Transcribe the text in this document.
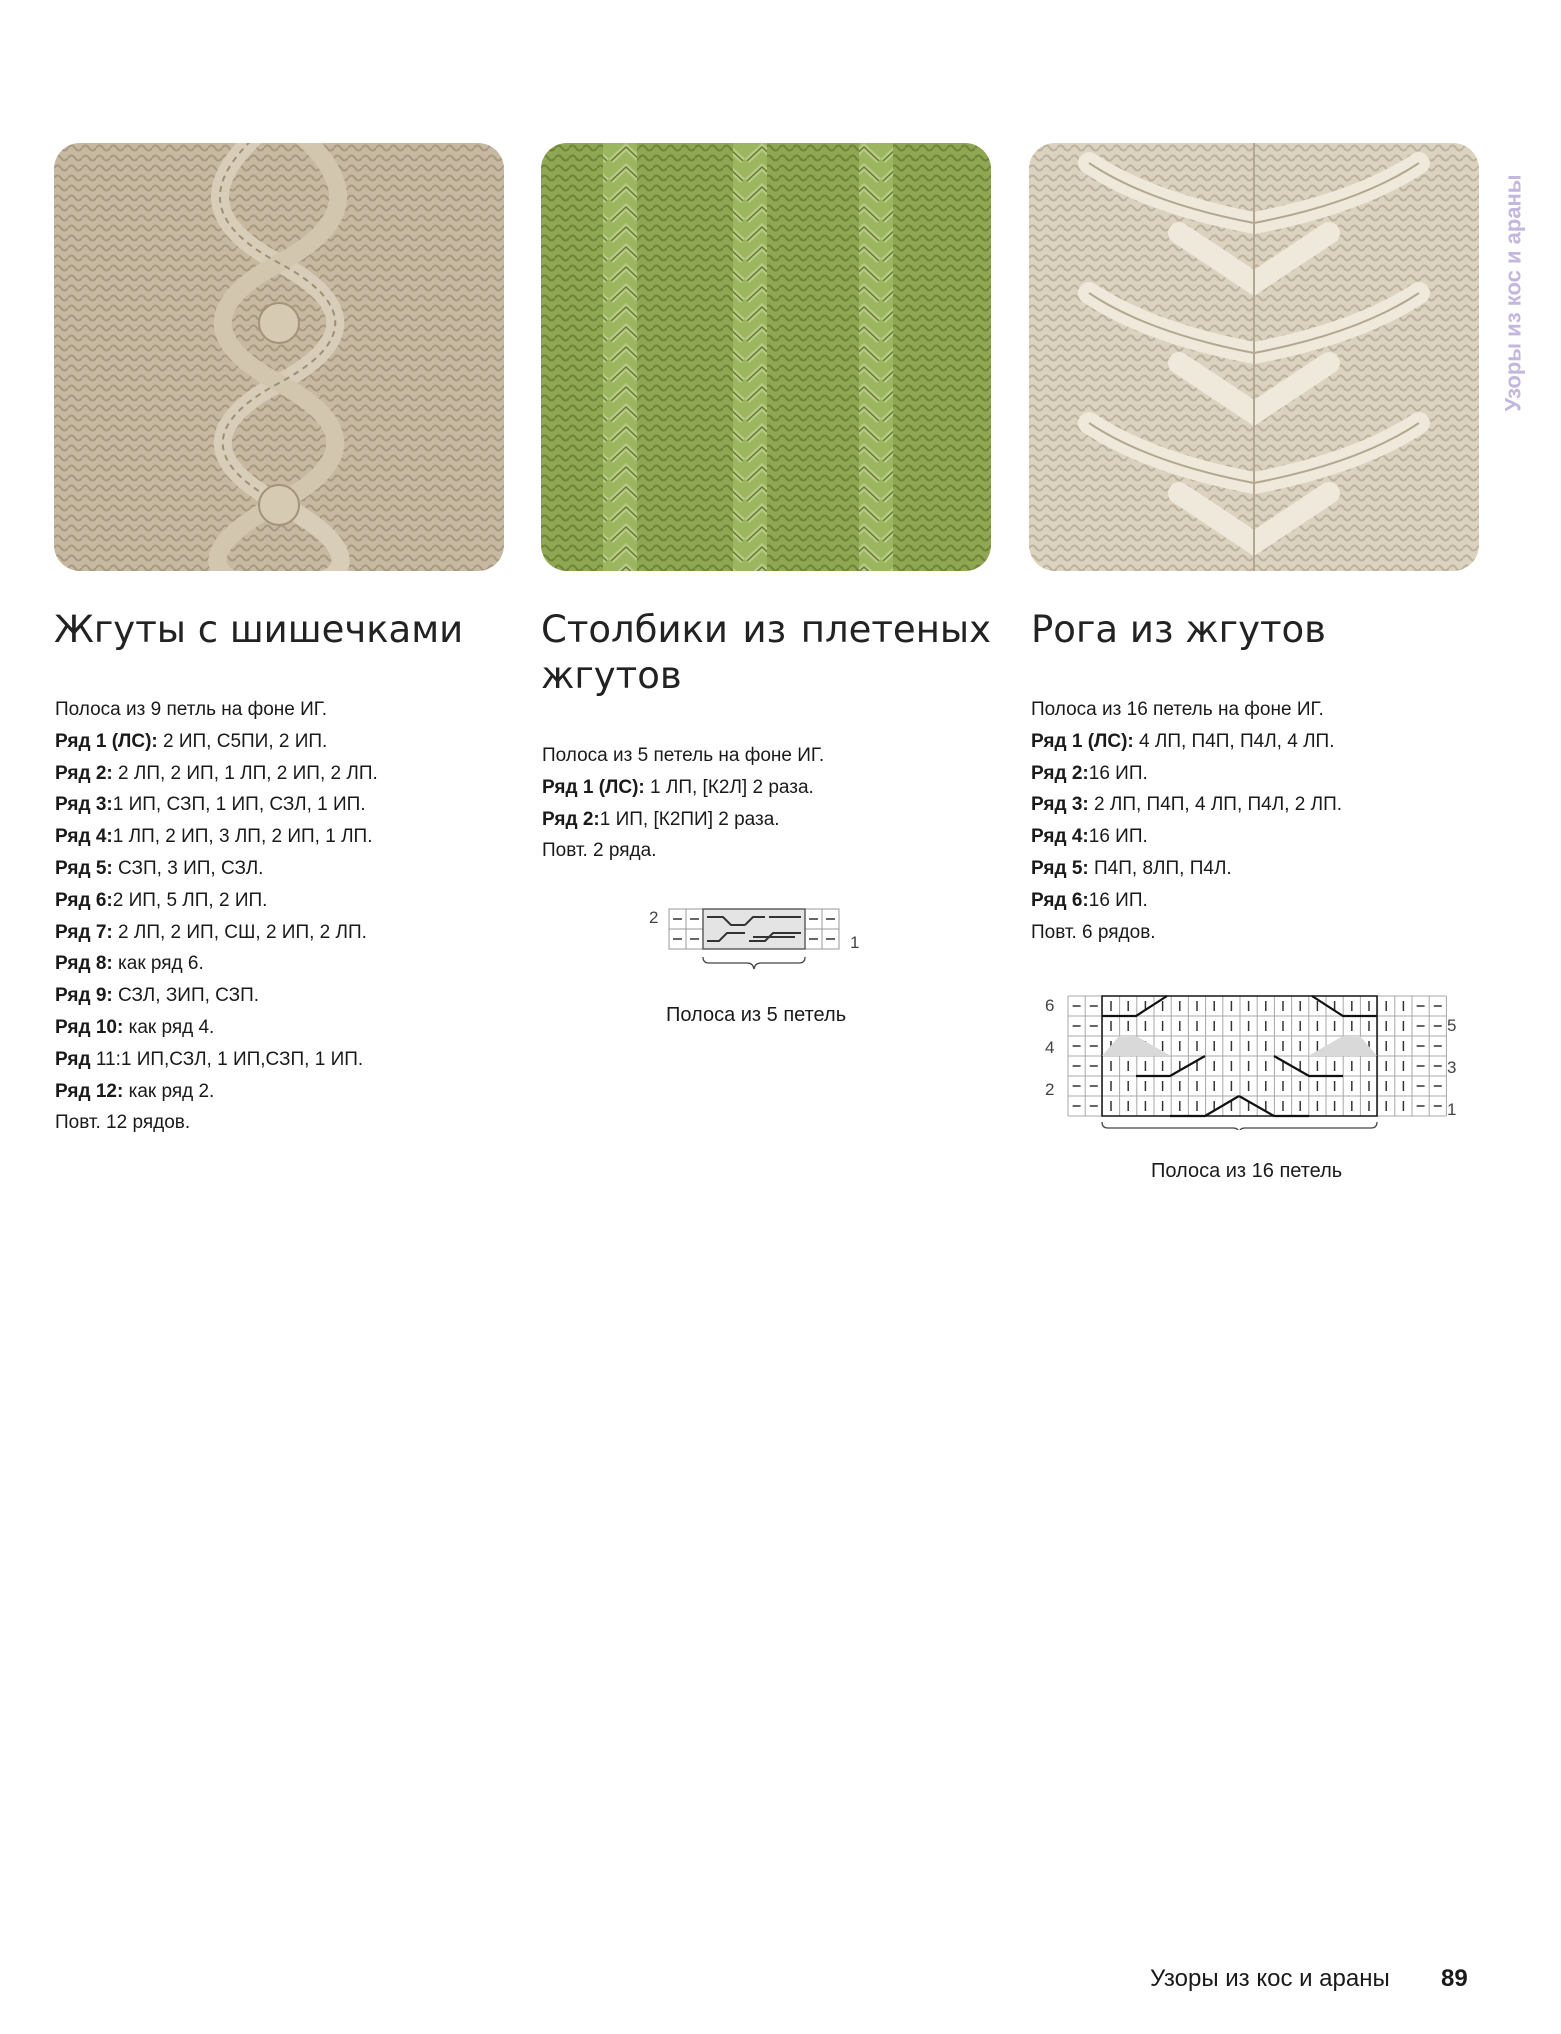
Жгуты с шишечками
Полоса из 9 петль на фоне ИГ.
Ряд 1 (ЛС): 2 ИП, С5ПИ, 2 ИП.
Ряд 2: 2 ЛП, 2 ИП, 1 ЛП, 2 ИП, 2 ЛП.
Ряд 3:1 ИП, СЗП, 1 ИП, СЗЛ, 1 ИП.
Ряд 4:1 ЛП, 2 ИП, 3 ЛП, 2 ИП, 1 ЛП.
Ряд 5: СЗП, 3 ИП, СЗЛ.
Ряд 6:2 ИП, 5 ЛП, 2 ИП.
Ряд 7: 2 ЛП, 2 ИП, СШ, 2 ИП, 2 ЛП.
Ряд 8: как ряд 6.
Ряд 9: СЗЛ, ЗИП, СЗП.
Ряд 10: как ряд 4.
Ряд 11:1 ИП,СЗЛ, 1 ИП,СЗП, 1 ИП.
Ряд 12: как ряд 2.
Повт. 12 рядов.
Столбики из плетеных жгутов
Полоса из 5 петель на фоне ИГ.
Ряд 1 (ЛС): 1 ЛП, [К2Л] 2 раза.
Ряд 2:1 ИП, [К2ПИ] 2 раза.
Повт. 2 ряда.
2
1
Полоса из 5 петель
Рога из жгутов
Полоса из 16 петель на фоне ИГ.
Ряд 1 (ЛС): 4 ЛП, П4П, П4Л, 4 ЛП.
Ряд 2:16 ИП.
Ряд 3: 2 ЛП, П4П, 4 ЛП, П4Л, 2 ЛП.
Ряд 4:16 ИП.
Ряд 5: П4П, 8ЛП, П4Л.
Ряд 6:16 ИП.
Повт. 6 рядов.
6
4
2
5
3
1
Полоса из 16 петель
Узоры из кос и араны
Узоры из кос и араны 89
